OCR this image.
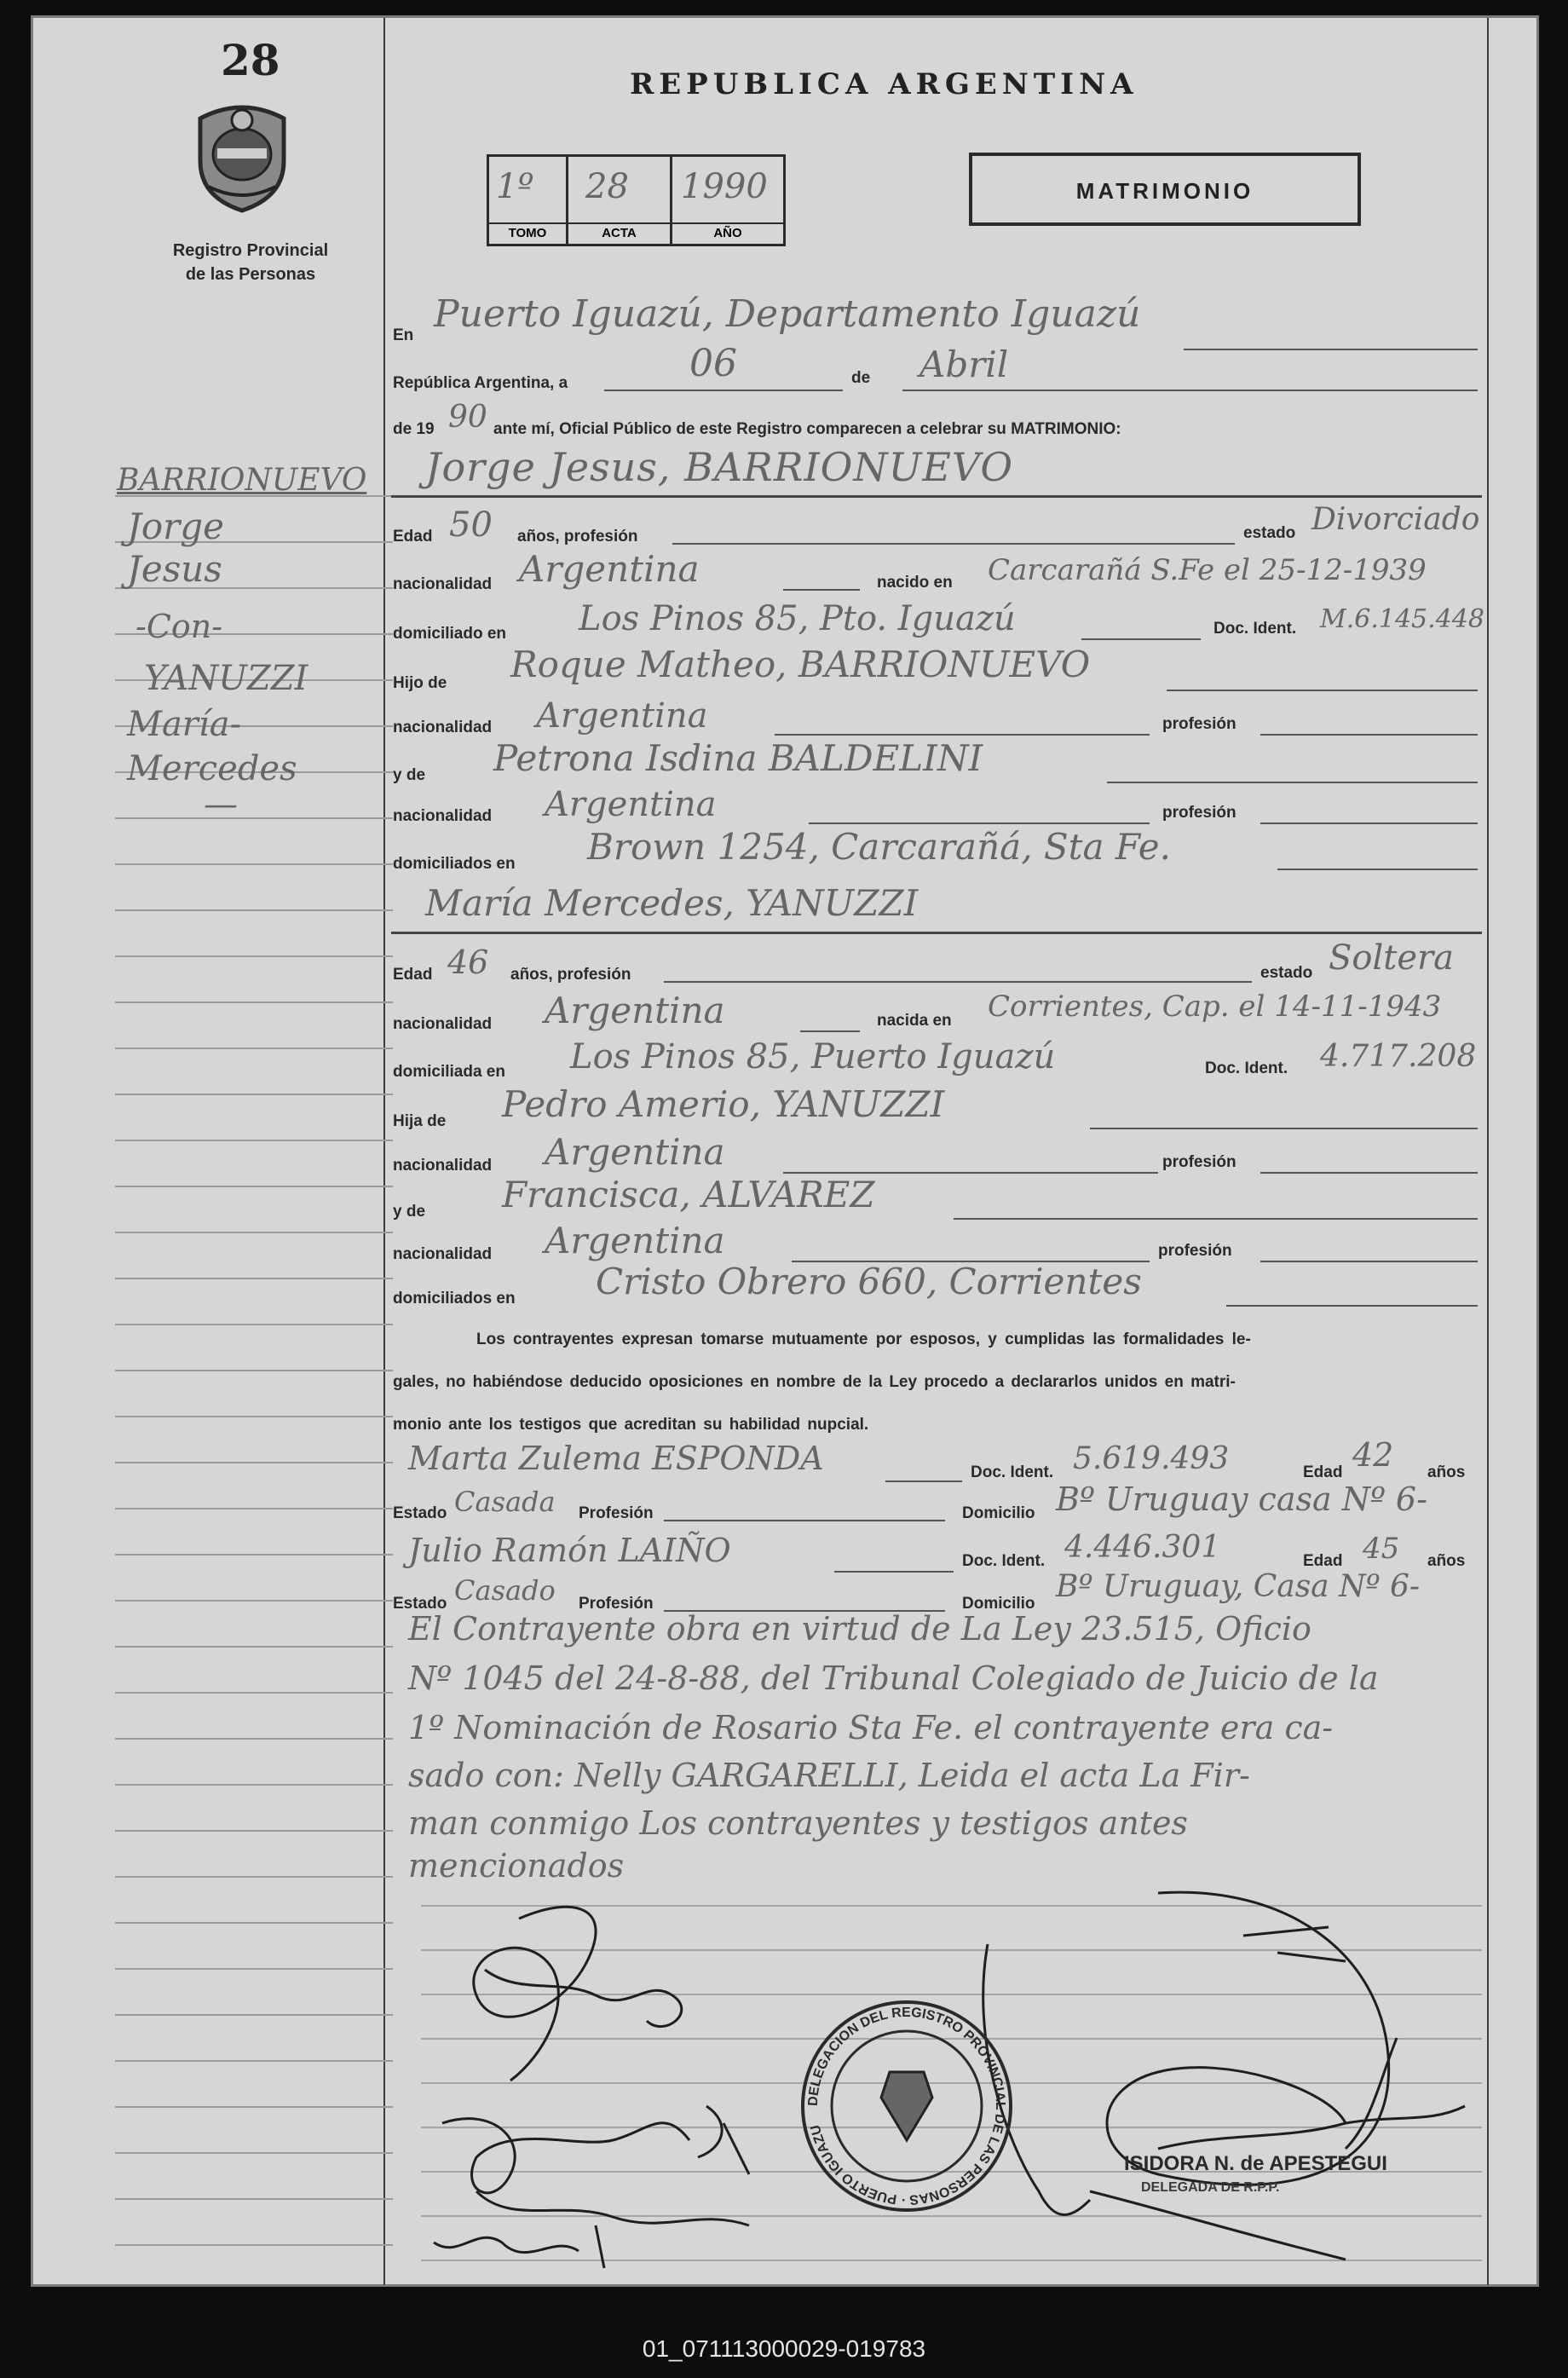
28
Registro Provincial
de las Personas
REPUBLICA ARGENTINA
1º
TOMO
28
ACTA
1990
AÑO
MATRIMONIO
BARRIONUEVO
Jorge
Jesus
-Con-
YANUZZI
María-
Mercedes
—
En Puerto Iguazú, Departamento Iguazú
República Argentina, a	06	de Abril
de 19 90 ante mí, Oficial Público de este Registro comparecen a celebrar su MATRIMONIO:
Jorge Jesus, BARRIONUEVO
Edad 50 años, profesión	estado Divorciado
nacionalidad Argentina	nacido en Carcarañá S.Fe el 25-12-1939
domiciliado en Los Pinos 85, Pto. Iguazú	Doc. Ident. M.6.145.448
Hijo de Roque Matheo, BARRIONUEVO
nacionalidad Argentina	profesión
y de Petrona Isdina BALDELINI
nacionalidad Argentina	profesión
domiciliados en Brown 1254, Carcarañá, Sta Fe.
María Mercedes, YANUZZI
Edad 46 años, profesión	estado Soltera
nacionalidad Argentina	nacida en Corrientes, Cap. el 14-11-1943
domiciliada en Los Pinos 85, Puerto Iguazú	Doc. Ident. 4.717.208
Hija de Pedro Amerio, YANUZZI
nacionalidad Argentina	profesión
y de Francisca, ALVAREZ
nacionalidad Argentina	profesión
domiciliados en Cristo Obrero 660, Corrientes
Los contrayentes expresan tomarse mutuamente por esposos, y cumplidas las formalidades le-
gales, no habiéndose deducido oposiciones en nombre de la Ley procedo a declararlos unidos en matri-
monio ante los testigos que acreditan su habilidad nupcial.
Marta Zulema ESPONDA	Doc. Ident. 5.619.493	Edad 42 años
Estado Casada Profesión	Domicilio Bº Uruguay casa Nº 6-
Julio Ramón LAIÑO	Doc. Ident. 4.446.301	Edad 45 años
Estado Casado Profesión	Domicilio Bº Uruguay, Casa Nº 6-
El Contrayente obra en virtud de La Ley 23.515, Oficio
Nº 1045 del 24-8-88, del Tribunal Colegiado de Juicio de la
1º Nominación de Rosario Sta Fe. el contrayente era ca-
sado con: Nelly GARGARELLI, Leida el acta La Fir-
man conmigo Los contrayentes y testigos antes
mencionados
DELEGACION DEL REGISTRO PROVINCIAL DE LAS PERSONAS · PUERTO IGUAZU
ISIDORA N. de APESTEGUI
DELEGADA DE R.P.P.
01_071113000029-019783
